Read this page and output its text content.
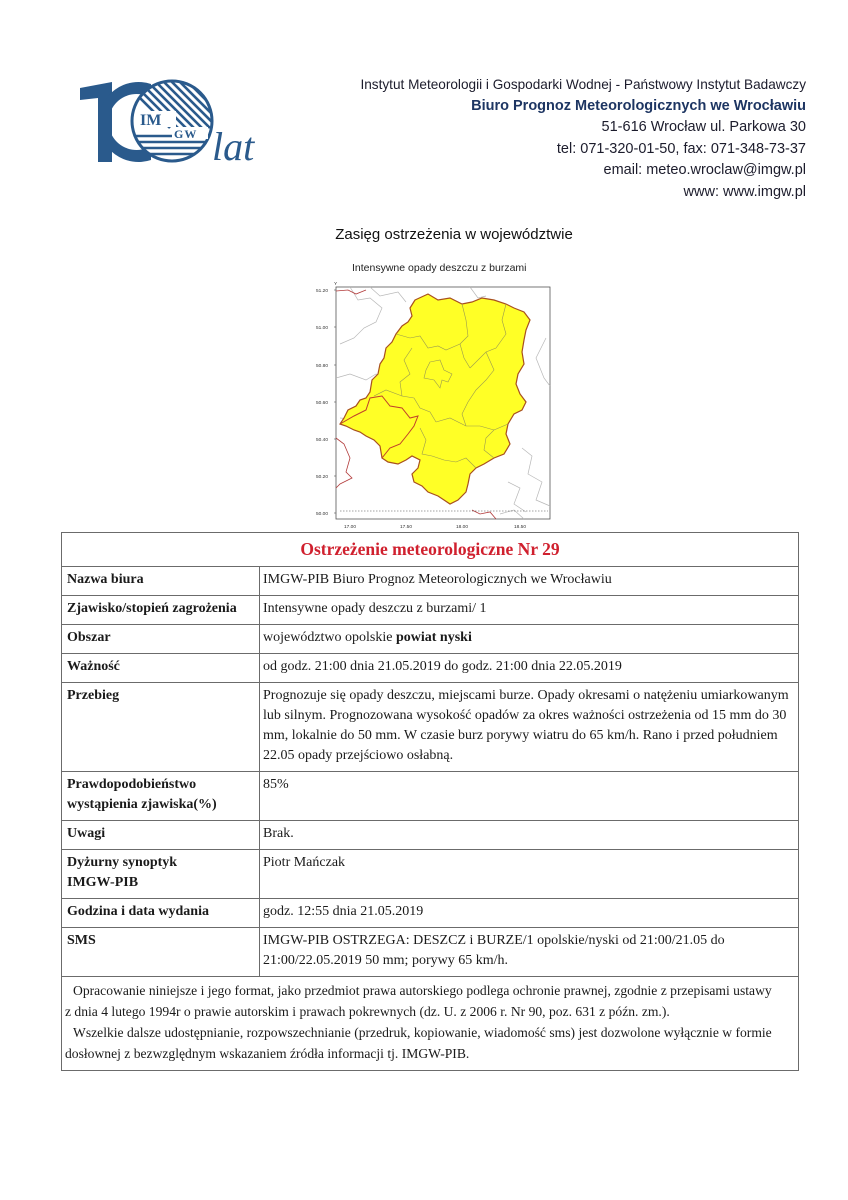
IM
GW lat
Instytut Meteorologii i Gospodarki Wodnej - Państwowy Instytut Badawczy
Biuro Prognoz Meteorologicznych we Wrocławiu
51-616 Wrocław ul. Parkowa 30
tel: 071-320-01-50, fax: 071-348-73-37
email: meteo.wroclaw@imgw.pl
www: www.imgw.pl
Zasięg ostrzeżenia w województwie
Intensywne opady deszczu z burzami
Y
51.20
51.00
50.80
50.60
50.40
50.20
50.00
17.00	17.50	18.00	18.50
Ostrzeżenie meteorologiczne Nr 29	
Nazwa biura	IMGW-PIB Biuro Prognoz Meteorologicznych we Wrocławiu
Zjawisko/stopień zagrożenia	Intensywne opady deszczu z burzami/ 1
Obszar	województwo opolskie powiat nyski
Ważność	od godz. 21:00 dnia 21.05.2019 do godz. 21:00 dnia 22.05.2019
Przebieg	Prognozuje się opady deszczu, miejscami burze. Opady okresami o natężeniu umiarkowanym lub silnym. Prognozowana wysokość opadów za okres ważności ostrzeżenia od 15 mm do 30 mm, lokalnie do 50 mm. W czasie burz porywy wiatru do 65 km/h. Rano i przed południem 22.05 opady przejściowo osłabną.

Prawdopodobieństwo
wystąpienia zjawiska(%)	85%
Uwagi	Brak.

Dyżurny synoptyk
IMGW-PIB	Piotr Mańczak
Godzina i data wydania	godz. 12:55 dnia 21.05.2019
SMS	IMGW-PIB OSTRZEGA: DESZCZ i BURZE/1 opolskie/nyski od 21:00/21.05 do
21:00/22.05.2019 50 mm; porywy 65 km/h.

Opracowanie niniejsze i jego format, jako przedmiot prawa autorskiego podlega ochronie prawnej, zgodnie z przepisami ustawy

z dnia 4 lutego 1994r o prawie autorskim i prawach pokrewnych (dz. U. z 2006 r. Nr 90, poz. 631 z późn. zm.).

Wszelkie dalsze udostępnianie, rozpowszechnianie (przedruk, kopiowanie, wiadomość sms) jest dozwolone wyłącznie w formie

dosłownej z bezwzględnym wskazaniem źródła informacji tj. IMGW-PIB.	
